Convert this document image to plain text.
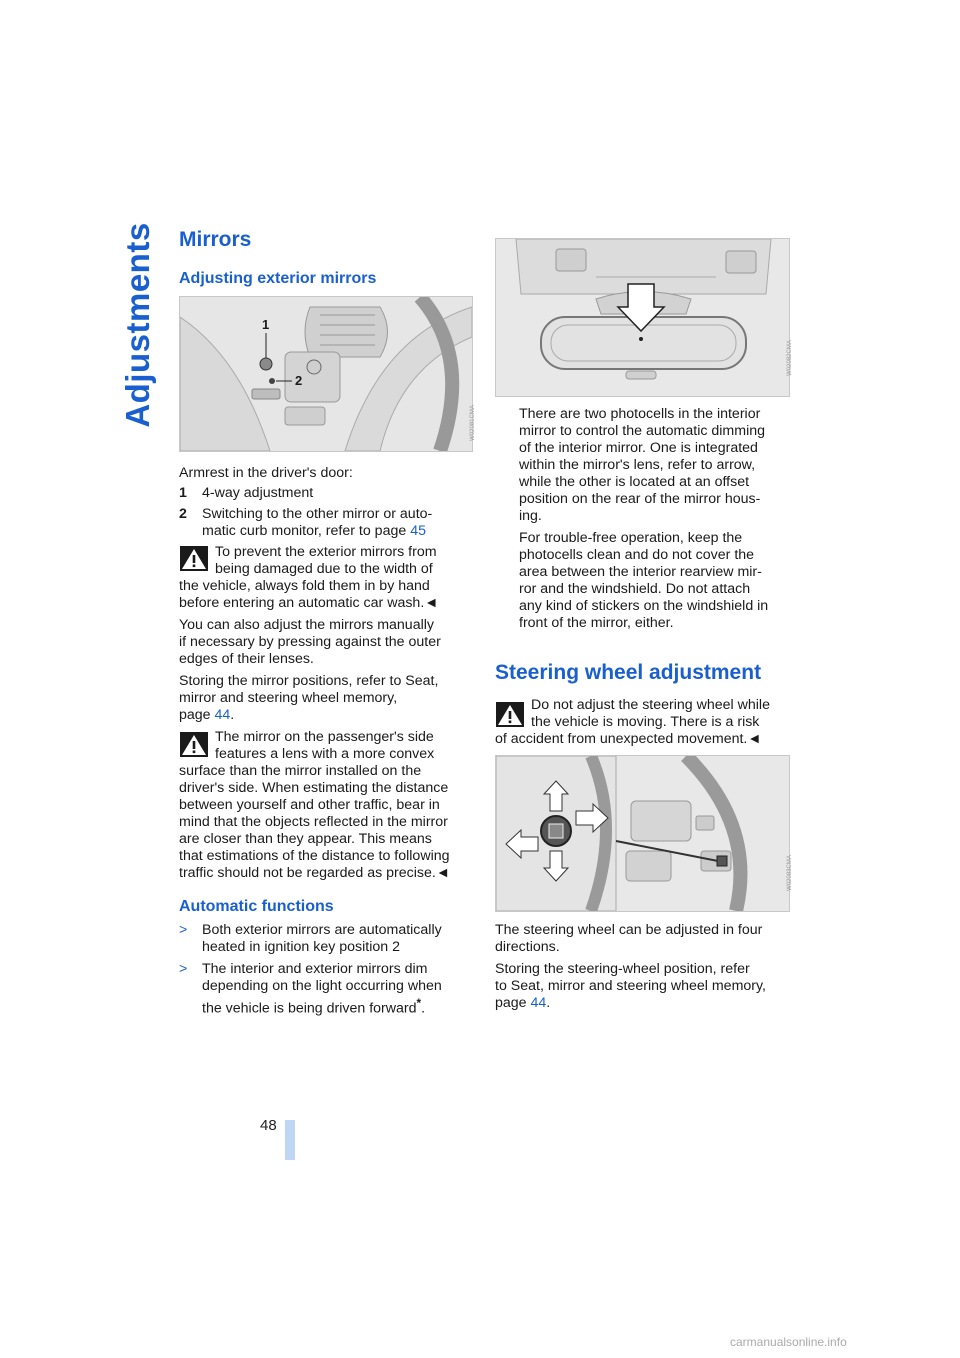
Adjustments
48
Mirrors
Adjusting exterior mirrors
1
2
W02081CMA
Armrest in the driver's door:
1 4-way adjustment
2 Switching to the other mirror or auto-
matic curb monitor, refer to page 45
To prevent the exterior mirrors from
being damaged due to the width of
the vehicle, always fold them in by hand
before entering an automatic car wash.◄
You can also adjust the mirrors manually
if necessary by pressing against the outer
edges of their lenses.
Storing the mirror positions, refer to Seat,
mirror and steering wheel memory,
page 44.
The mirror on the passenger's side
features a lens with a more convex
surface than the mirror installed on the
driver's side. When estimating the distance
between yourself and other traffic, bear in
mind that the objects reflected in the mirror
are closer than they appear. This means
that estimations of the distance to following
traffic should not be regarded as precise.◄
Automatic functions
> Both exterior mirrors are automatically
heated in ignition key position 2
> The interior and exterior mirrors dim
depending on the light occurring when
the vehicle is being driven forward*.
W02082CMA
There are two photocells in the interior
mirror to control the automatic dimming
of the interior mirror. One is integrated
within the mirror's lens, refer to arrow,
while the other is located at an offset
position on the rear of the mirror hous-
ing.
For trouble-free operation, keep the
photocells clean and do not cover the
area between the interior rearview mir-
ror and the windshield. Do not attach
any kind of stickers on the windshield in
front of the mirror, either.
Steering wheel adjustment
Do not adjust the steering wheel while
the vehicle is moving. There is a risk
of accident from unexpected movement.◄
W02083CMA
The steering wheel can be adjusted in four
directions.
Storing the steering-wheel position, refer
to Seat, mirror and steering wheel memory,
page 44.
carmanualsonline.info
